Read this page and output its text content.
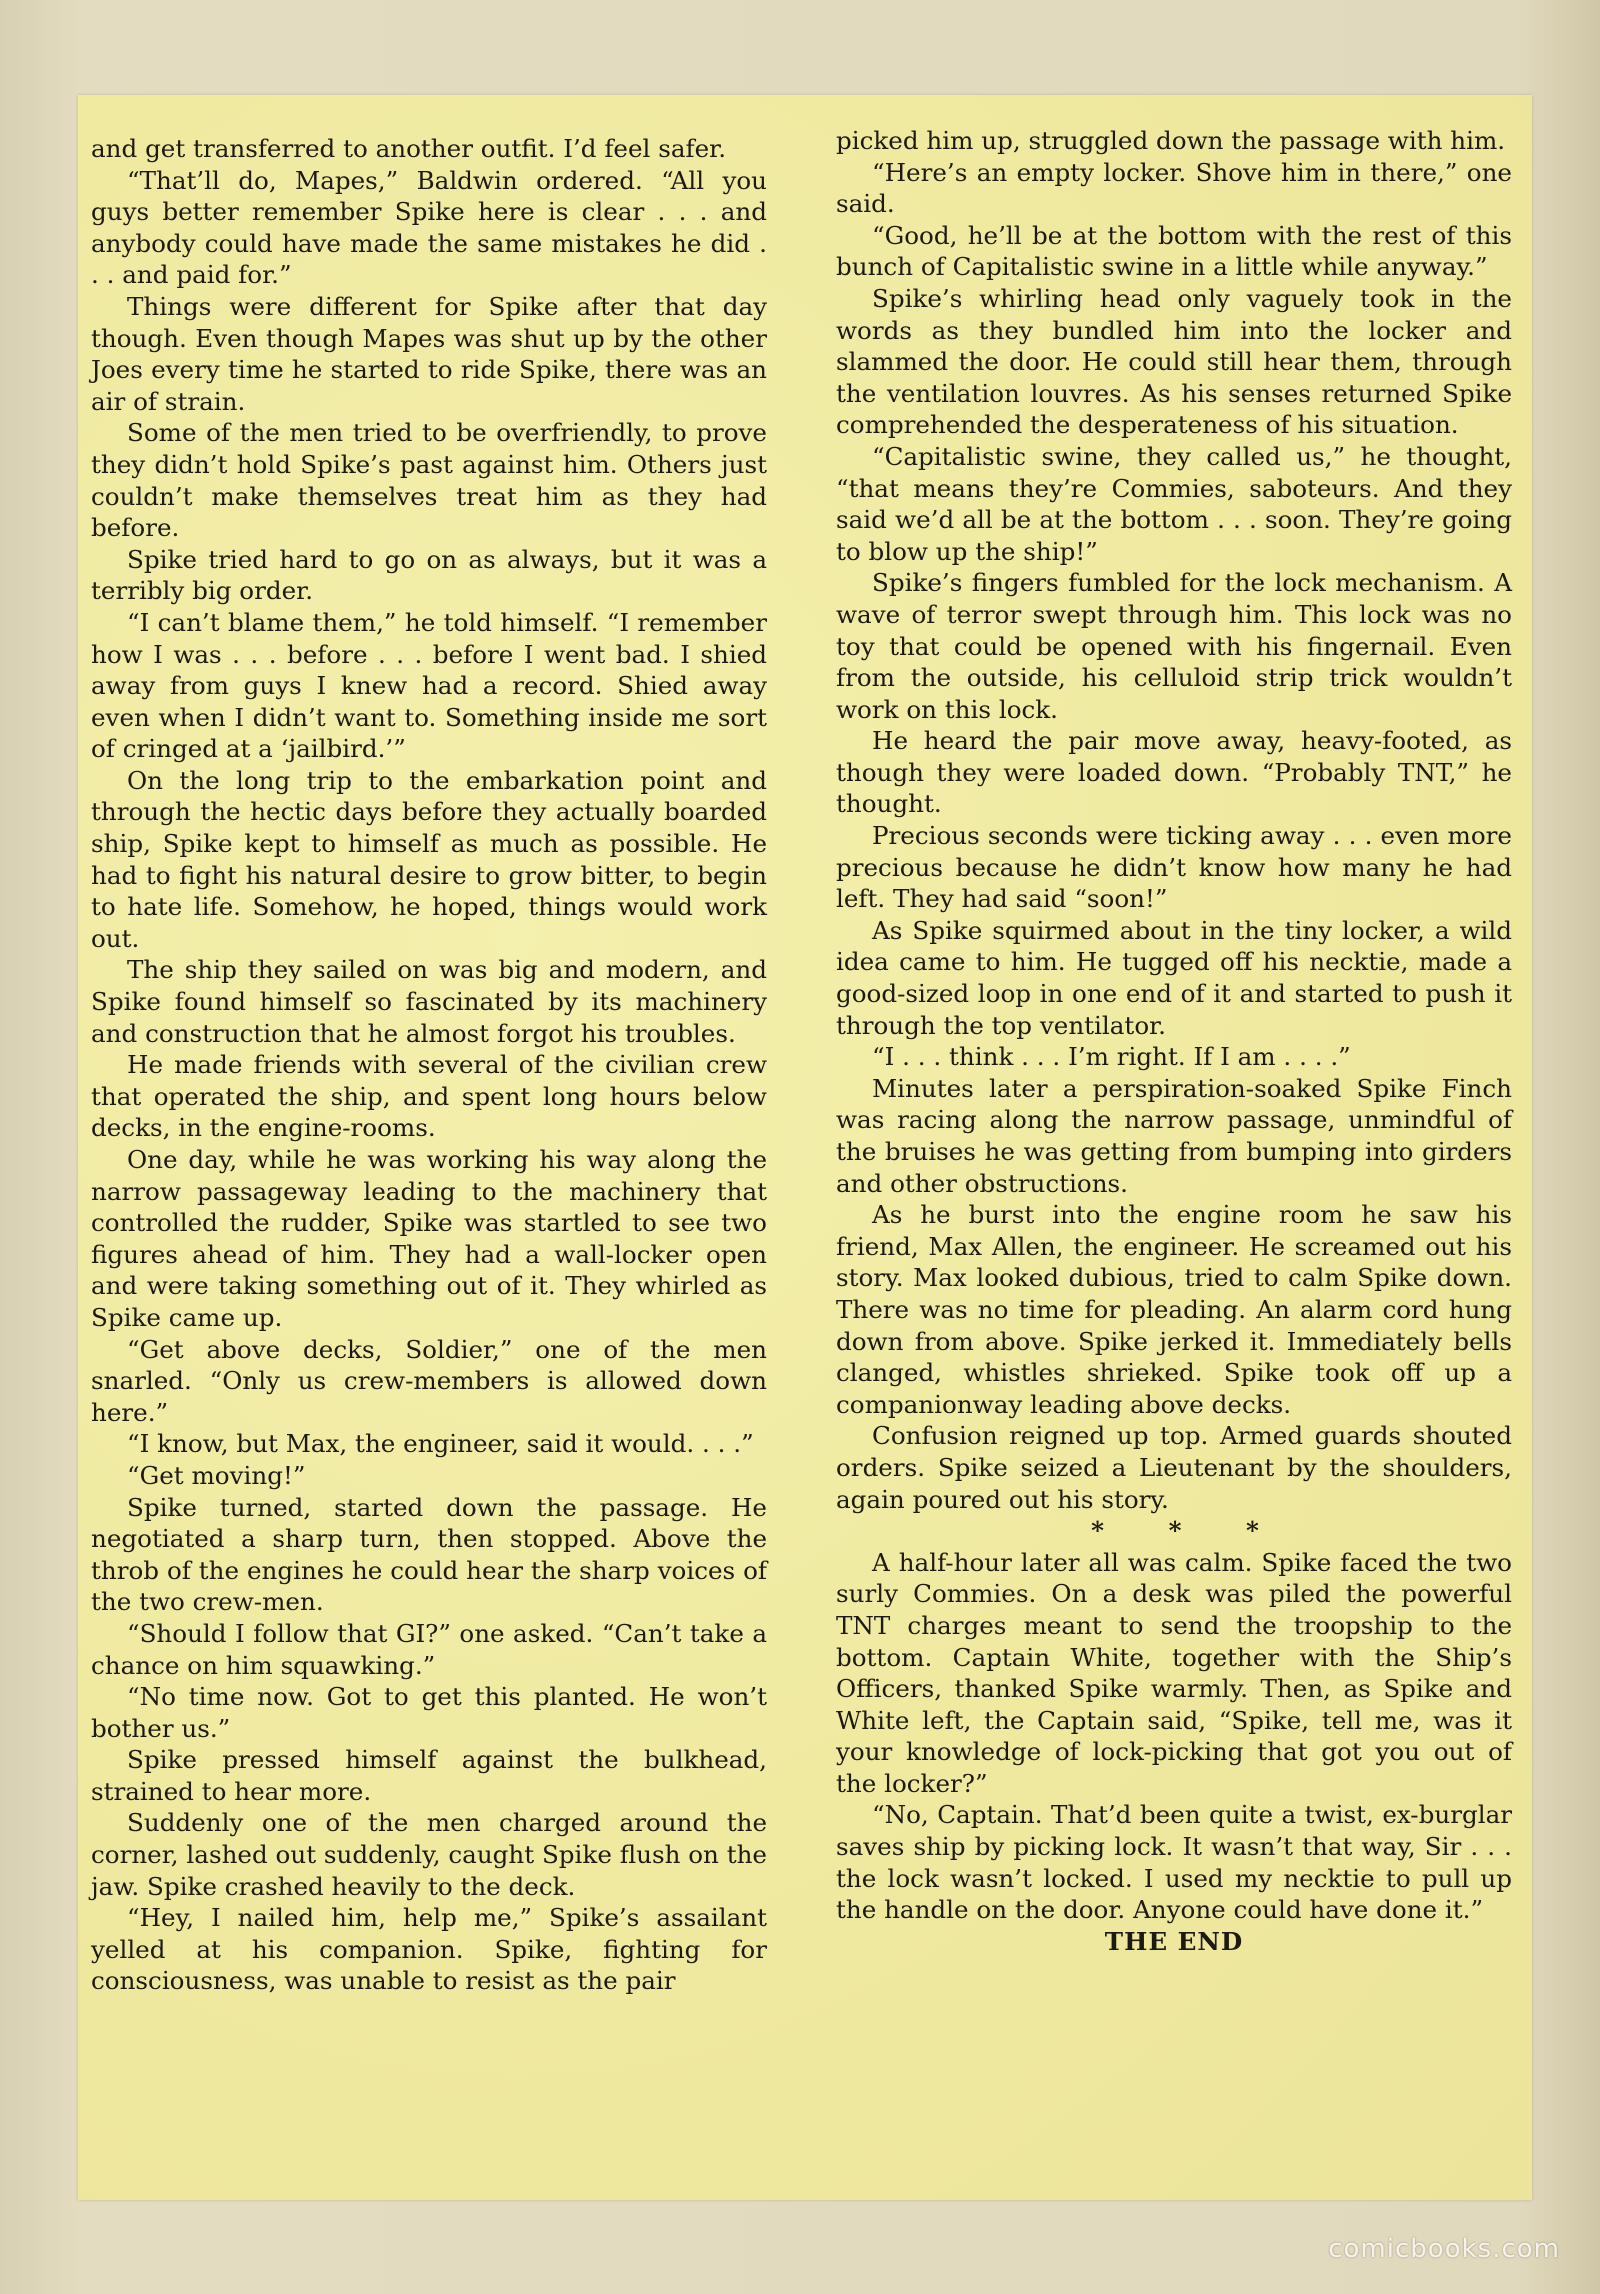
and get transferred to another outfit. I’d feel safer.

“That’ll do, Mapes,” Baldwin ordered. “All you guys better remember Spike here is clear . . . and anybody could have made the same mistakes he did . . . and paid for.”

Things were different for Spike after that day though. Even though Mapes was shut up by the other Joes every time he started to ride Spike, there was an air of strain.

Some of the men tried to be overfriendly, to prove they didn’t hold Spike’s past against him. Others just couldn’t make themselves treat him as they had before.

Spike tried hard to go on as always, but it was a terribly big order.

“I can’t blame them,” he told himself. “I remember how I was . . . before . . . before I went bad. I shied away from guys I knew had a record. Shied away even when I didn’t want to. Something inside me sort of cringed at a ‘jailbird.’”

On the long trip to the embarkation point and through the hectic days before they actually boarded ship, Spike kept to himself as much as possible. He had to fight his natural desire to grow bitter, to begin to hate life. Somehow, he hoped, things would work out.

The ship they sailed on was big and modern, and Spike found himself so fascinated by its machinery and construction that he almost forgot his troubles.

He made friends with several of the civilian crew that operated the ship, and spent long hours below decks, in the engine-rooms.

One day, while he was working his way along the narrow passageway leading to the machinery that controlled the rudder, Spike was startled to see two figures ahead of him. They had a wall-locker open and were taking something out of it. They whirled as Spike came up.

“Get above decks, Soldier,” one of the men snarled. “Only us crew-members is allowed down here.”

“I know, but Max, the engineer, said it would. . . .”

“Get moving!”

Spike turned, started down the passage. He negotiated a sharp turn, then stopped. Above the throb of the engines he could hear the sharp voices of the two crew-men.

“Should I follow that GI?” one asked. “Can’t take a chance on him squawking.”

“No time now. Got to get this planted. He won’t bother us.”

Spike pressed himself against the bulkhead, strained to hear more.

Suddenly one of the men charged around the corner, lashed out suddenly, caught Spike flush on the jaw. Spike crashed heavily to the deck.

“Hey, I nailed him, help me,” Spike’s assailant yelled at his companion. Spike, fighting for consciousness, was unable to resist as the pair

picked him up, struggled down the passage with him.

“Here’s an empty locker. Shove him in there,” one said.

“Good, he’ll be at the bottom with the rest of this bunch of Capitalistic swine in a little while anyway.”

Spike’s whirling head only vaguely took in the words as they bundled him into the locker and slammed the door. He could still hear them, through the ventilation louvres. As his senses returned Spike comprehended the desperateness of his situation.

“Capitalistic swine, they called us,” he thought, “that means they’re Commies, saboteurs. And they said we’d all be at the bottom . . . soon. They’re going to blow up the ship!”

Spike’s fingers fumbled for the lock mechanism. A wave of terror swept through him. This lock was no toy that could be opened with his fingernail. Even from the outside, his celluloid strip trick wouldn’t work on this lock.

He heard the pair move away, heavy-footed, as though they were loaded down. “Probably TNT,” he thought.

Precious seconds were ticking away . . . even more precious because he didn’t know how many he had left. They had said “soon!”

As Spike squirmed about in the tiny locker, a wild idea came to him. He tugged off his necktie, made a good-sized loop in one end of it and started to push it through the top ventilator.

“I . . . think . . . I’m right. If I am . . . .”

Minutes later a perspiration-soaked Spike Finch was racing along the narrow passage, unmindful of the bruises he was getting from bumping into girders and other obstructions.

As he burst into the engine room he saw his friend, Max Allen, the engineer. He screamed out his story. Max looked dubious, tried to calm Spike down. There was no time for pleading. An alarm cord hung down from above. Spike jerked it. Immediately bells clanged, whistles shrieked. Spike took off up a companionway leading above decks.

Confusion reigned up top. Armed guards shouted orders. Spike seized a Lieutenant by the shoulders, again poured out his story.

* * *

A half-hour later all was calm. Spike faced the two surly Commies. On a desk was piled the powerful TNT charges meant to send the troopship to the bottom. Captain White, together with the Ship’s Officers, thanked Spike warmly. Then, as Spike and White left, the Captain said, “Spike, tell me, was it your knowledge of lock-picking that got you out of the locker?”

“No, Captain. That’d been quite a twist, ex-burglar saves ship by picking lock. It wasn’t that way, Sir . . . the lock wasn’t locked. I used my necktie to pull up the handle on the door. Anyone could have done it.”

THE END

comicbooks.com
